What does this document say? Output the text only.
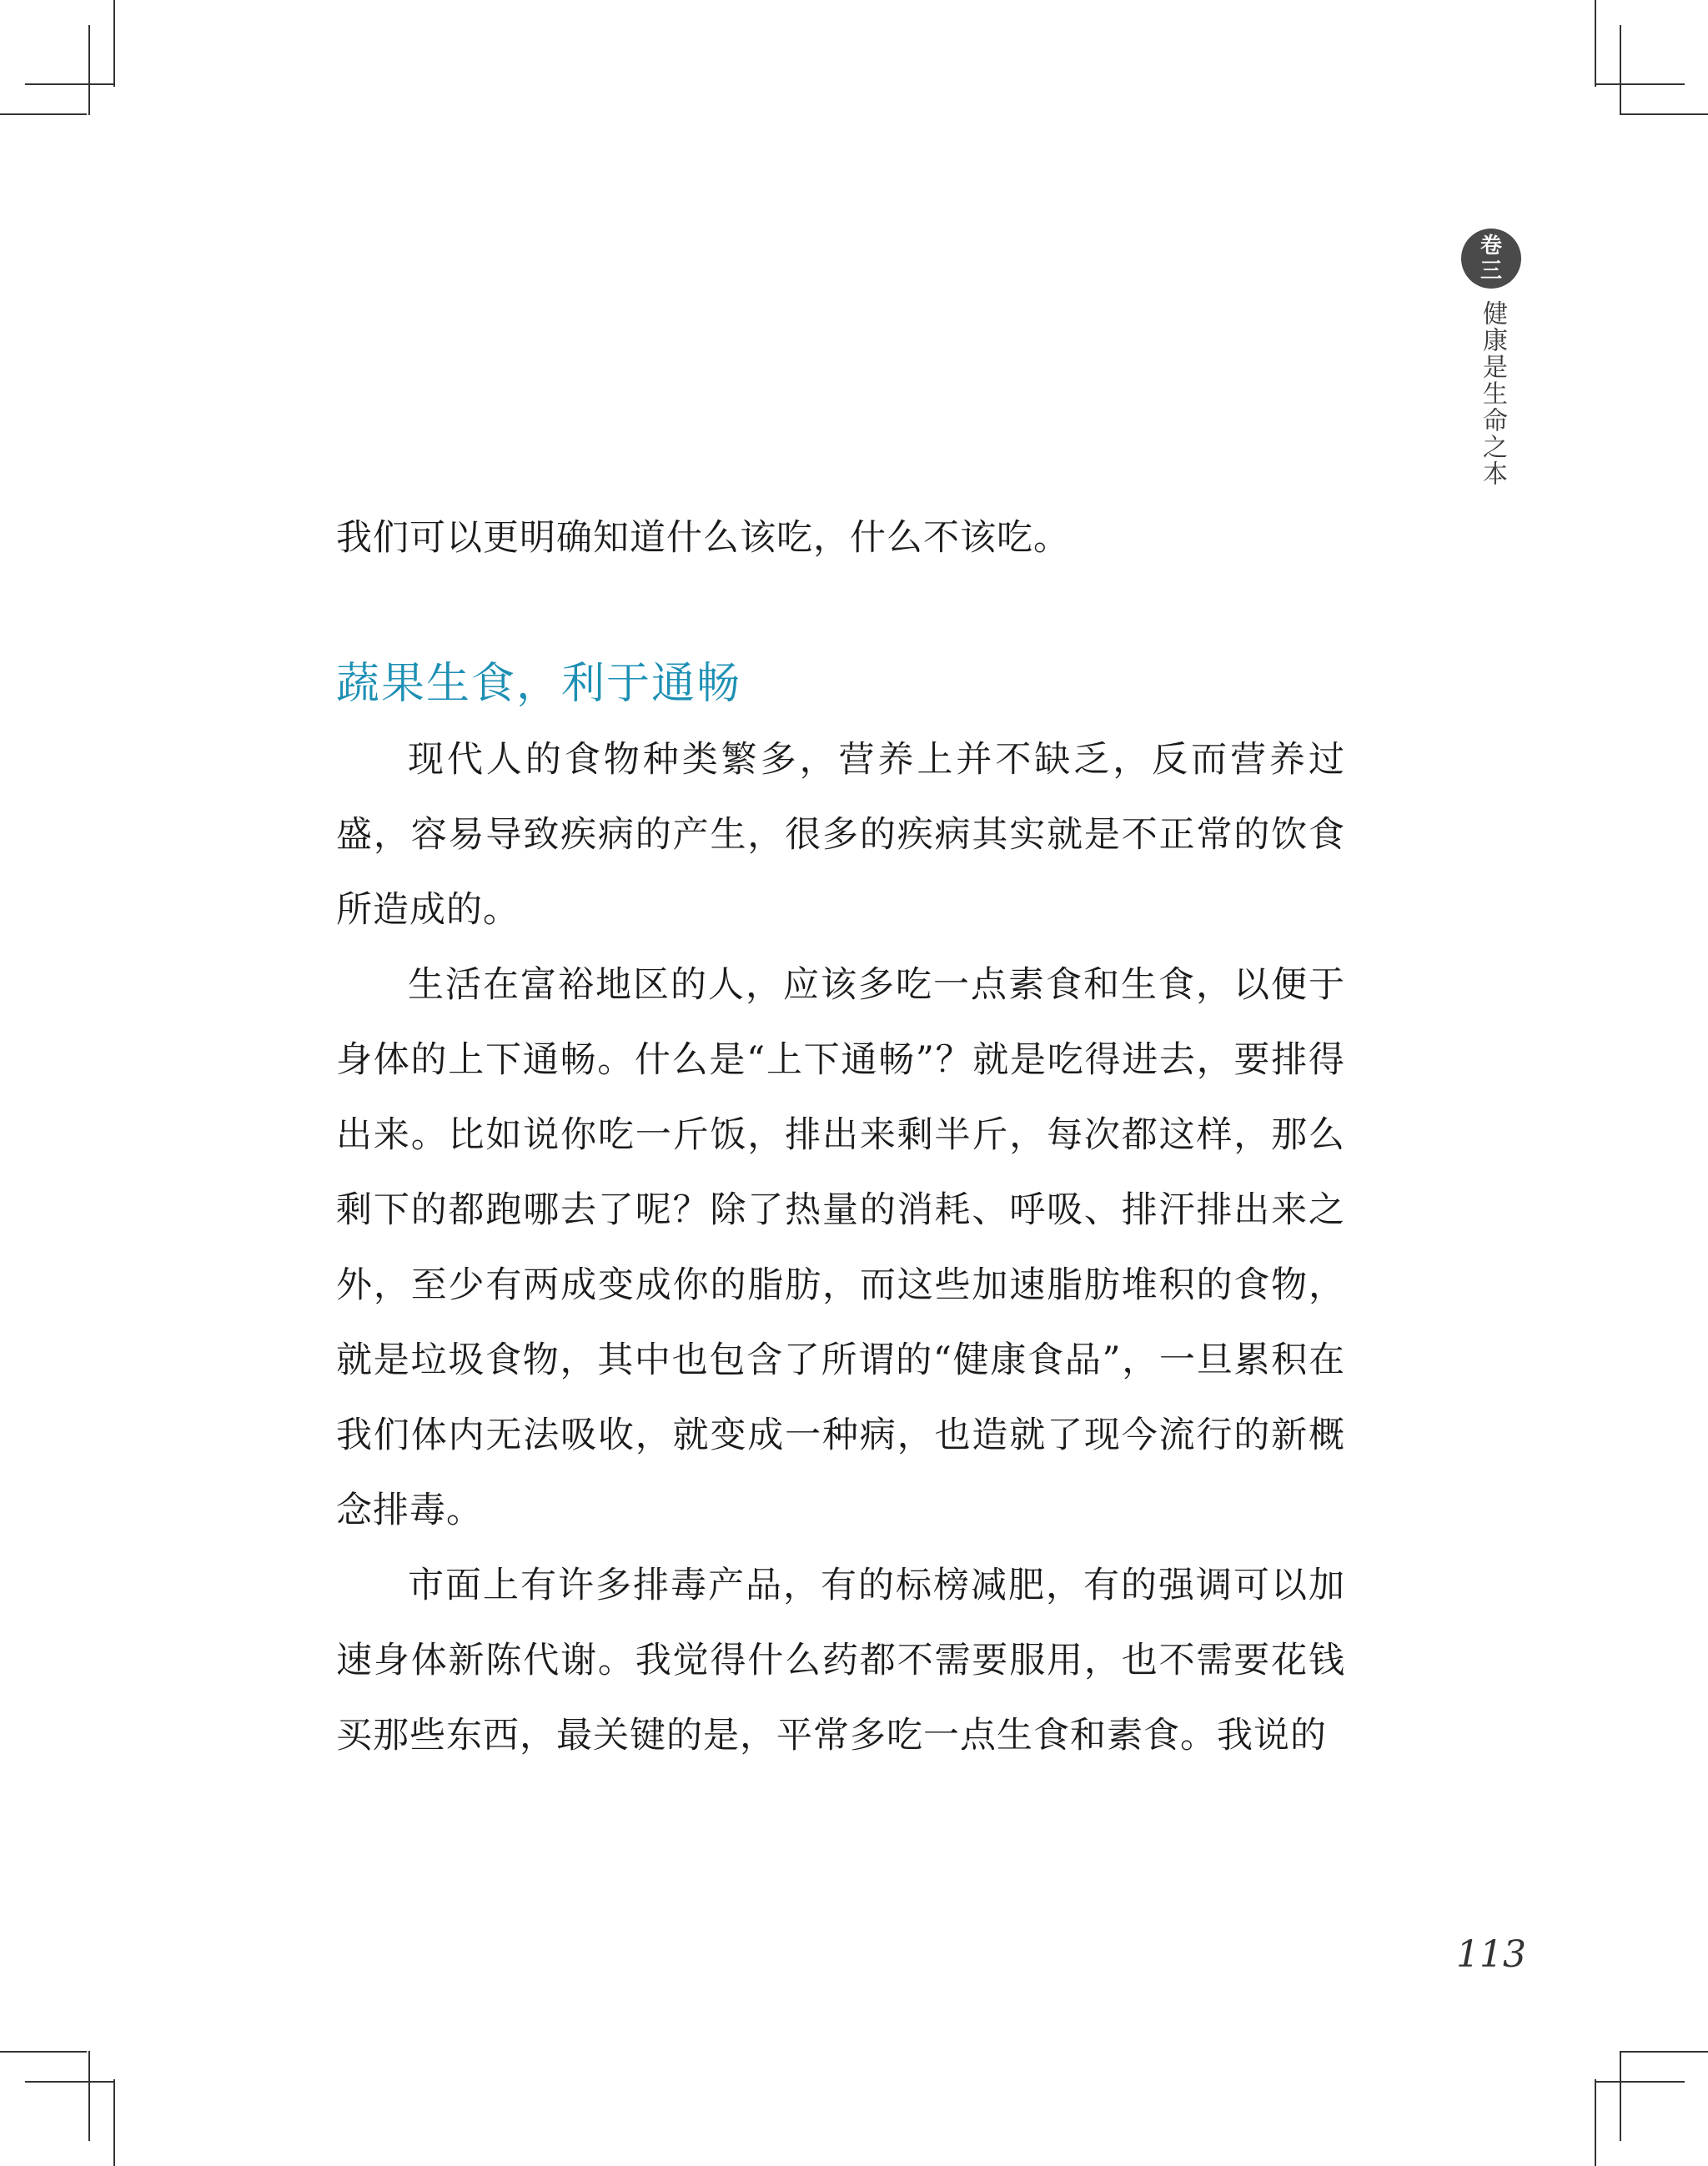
卷
三
健康是生命之本
我们可以更明确知道什么该吃，什么不该吃。
蔬果生食，利于通畅

现代人的食物种类繁多，营养上并不缺乏，反而营养过盛，容易导致疾病的产生，很多的疾病其实就是不正常的饮食所造成的。

生活在富裕地区的人，应该多吃一点素食和生食，以便于身体的上下通畅。什么是“上下通畅”？就是吃得进去，要排得出来。比如说你吃一斤饭，排出来剩半斤，每次都这样，那么剩下的都跑哪去了呢？除了热量的消耗、呼吸、排汗排出来之外，至少有两成变成你的脂肪，而这些加速脂肪堆积的食物，就是垃圾食物，其中也包含了所谓的“健康食品”，一旦累积在我们体内无法吸收，就变成一种病，也造就了现今流行的新概念排毒。

市面上有许多排毒产品，有的标榜减肥，有的强调可以加速身体新陈代谢。我觉得什么药都不需要服用，也不需要花钱买那些东西，最关键的是，平常多吃一点生食和素食。我说的

113
